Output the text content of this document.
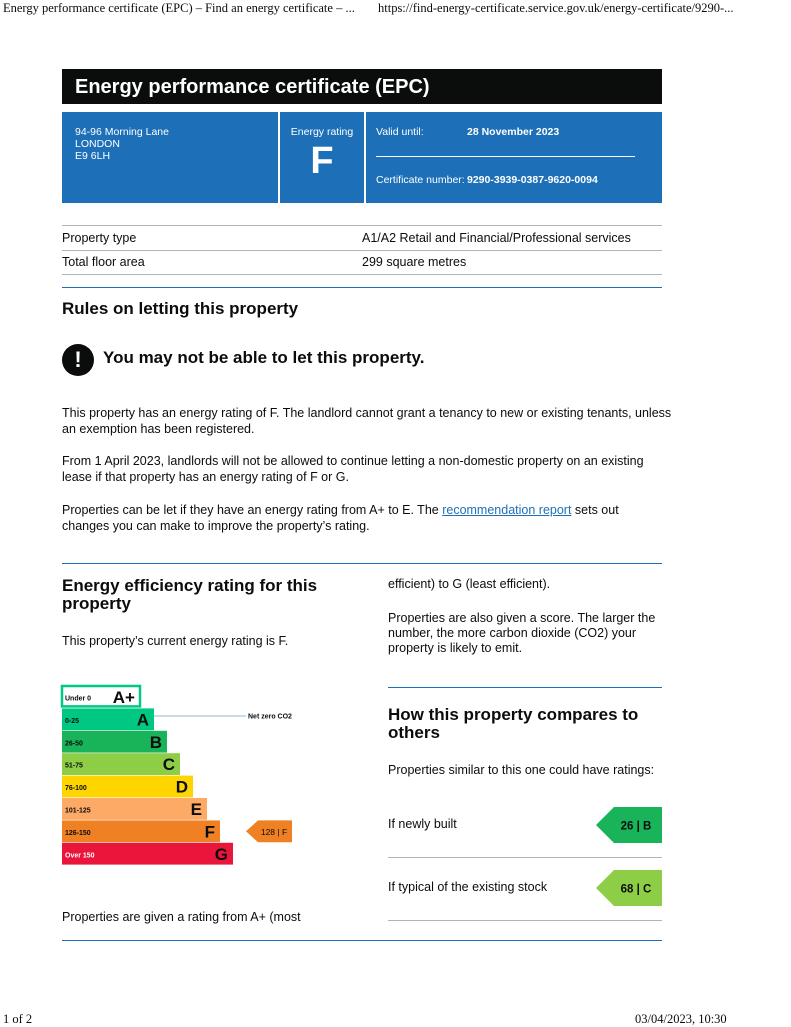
Energy performance certificate (EPC) – Find an energy certificate – ... https://find-energy-certificate.service.gov.uk/energy-certificate/9290-...
1 of 2	03/04/2023, 10:30
Energy performance certificate (EPC)
94-96 Morning Lane
LONDON
E9 6LH
Energy rating
F
Valid until:	28 November 2023
Certificate number: 9290-3939-0387-9620-0094
Property type	A1/A2 Retail and Financial/Professional services
Total floor area	299 square metres
Rules on letting this property
!	You may not be able to let this property.
This property has an energy rating of F. The landlord cannot grant a tenancy to new or existing tenants, unless an exemption has been registered.
From 1 April 2023, landlords will not be allowed to continue letting a non-domestic property on an existing lease if that property has an energy rating of F or G.
Properties can be let if they have an energy rating from A+ to E. The recommendation report sets out changes you can make to improve the property’s rating.
Energy efficiency rating for this property
This property’s current energy rating is F.
efficient) to G (least efficient).
Properties are also given a score. The larger the number, the more carbon dioxide (CO2) your property is likely to emit.
Under 0 A+
Net zero CO2
0-25	A
26-50	B
51-75	C
76-100	D
101-125	E
126-150	F
Over 150	G
128 | F
Properties are given a rating from A+ (most
How this property compares to others
Properties similar to this one could have ratings:
If newly built	26 | B
If typical of the existing stock	68 | C
